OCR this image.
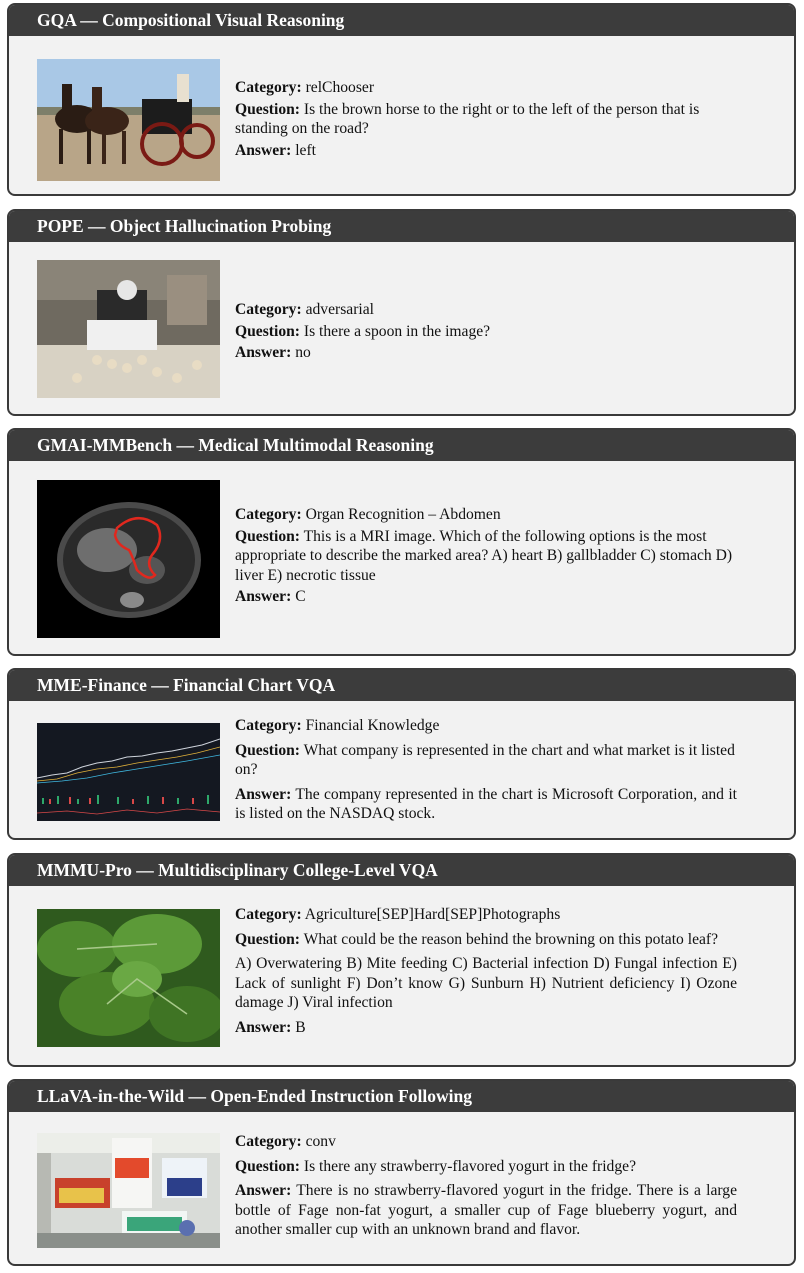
GQA — Compositional Visual Reasoning

Category: relChooser

Question: Is the brown horse to the right or to the left of the person that is standing on the road?

Answer: left

POPE — Object Hallucination Probing

Category: adversarial

Question: Is there a spoon in the image?

Answer: no

GMAI-MMBench — Medical Multimodal Reasoning

Category: Organ Recognition – Abdomen

Question: This is a MRI image. Which of the following options is the most appropriate to describe the marked area? A) heart B) gallbladder C) stomach D) liver E) necrotic tissue

Answer: C

MME-Finance — Financial Chart VQA

Category: Financial Knowledge

Question: What company is represented in the chart and what market is it listed on?

Answer: The company represented in the chart is Microsoft Corporation, and it is listed on the NASDAQ stock.

MMMU-Pro — Multidisciplinary College-Level VQA

Category: Agriculture[SEP]Hard[SEP]Photographs

Question: What could be the reason behind the browning on this potato leaf?

A) Overwatering B) Mite feeding C) Bacterial infection D) Fungal infection E) Lack of sunlight F) Don’t know G) Sunburn H) Nutrient deficiency I) Ozone damage J) Viral infection

Answer: B

LLaVA-in-the-Wild — Open-Ended Instruction Following

Category: conv

Question: Is there any strawberry-flavored yogurt in the fridge?

Answer: There is no strawberry-flavored yogurt in the fridge. There is a large bottle of Fage non-fat yogurt, a smaller cup of Fage blueberry yogurt, and another smaller cup with an unknown brand and flavor.
